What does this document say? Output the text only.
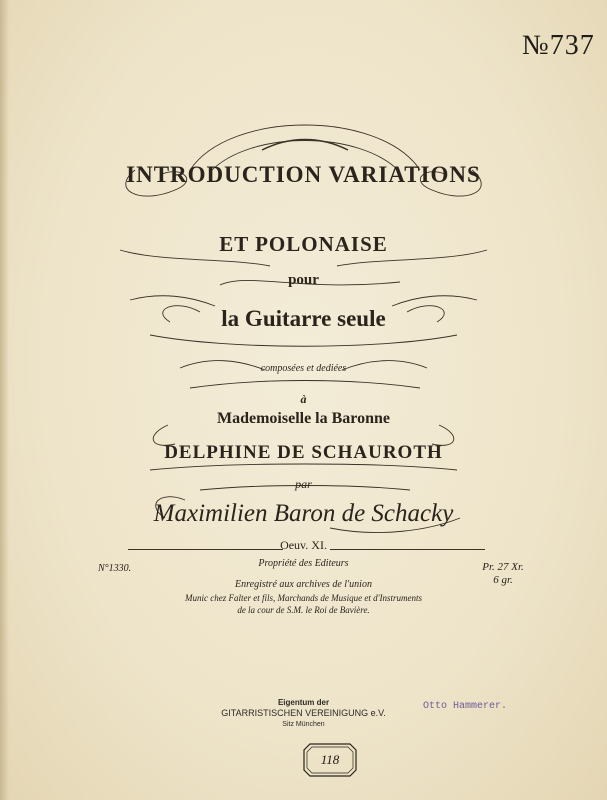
№737
INTRODUCTION VARIATIONS
ET POLONAISE
pour
la Guitarre seule
composées et dediées
à
Mademoiselle la Baronne
DELPHINE DE SCHAUROTH
par
Maximilien Baron de Schacky
Oeuv. XI.
N°1330.	Propriété des Editeurs	Pr. 27 Xr.
6 gr.
Enregistré aux archives de l'union
Munic chez Falter et fils, Marchands de Musique et d'Instruments
de la cour de S.M. le Roi de Bavière.
Otto Hammerer.
Eigentum der
GITARRISTISCHEN VEREINIGUNG e.V.
Sitz München
118
